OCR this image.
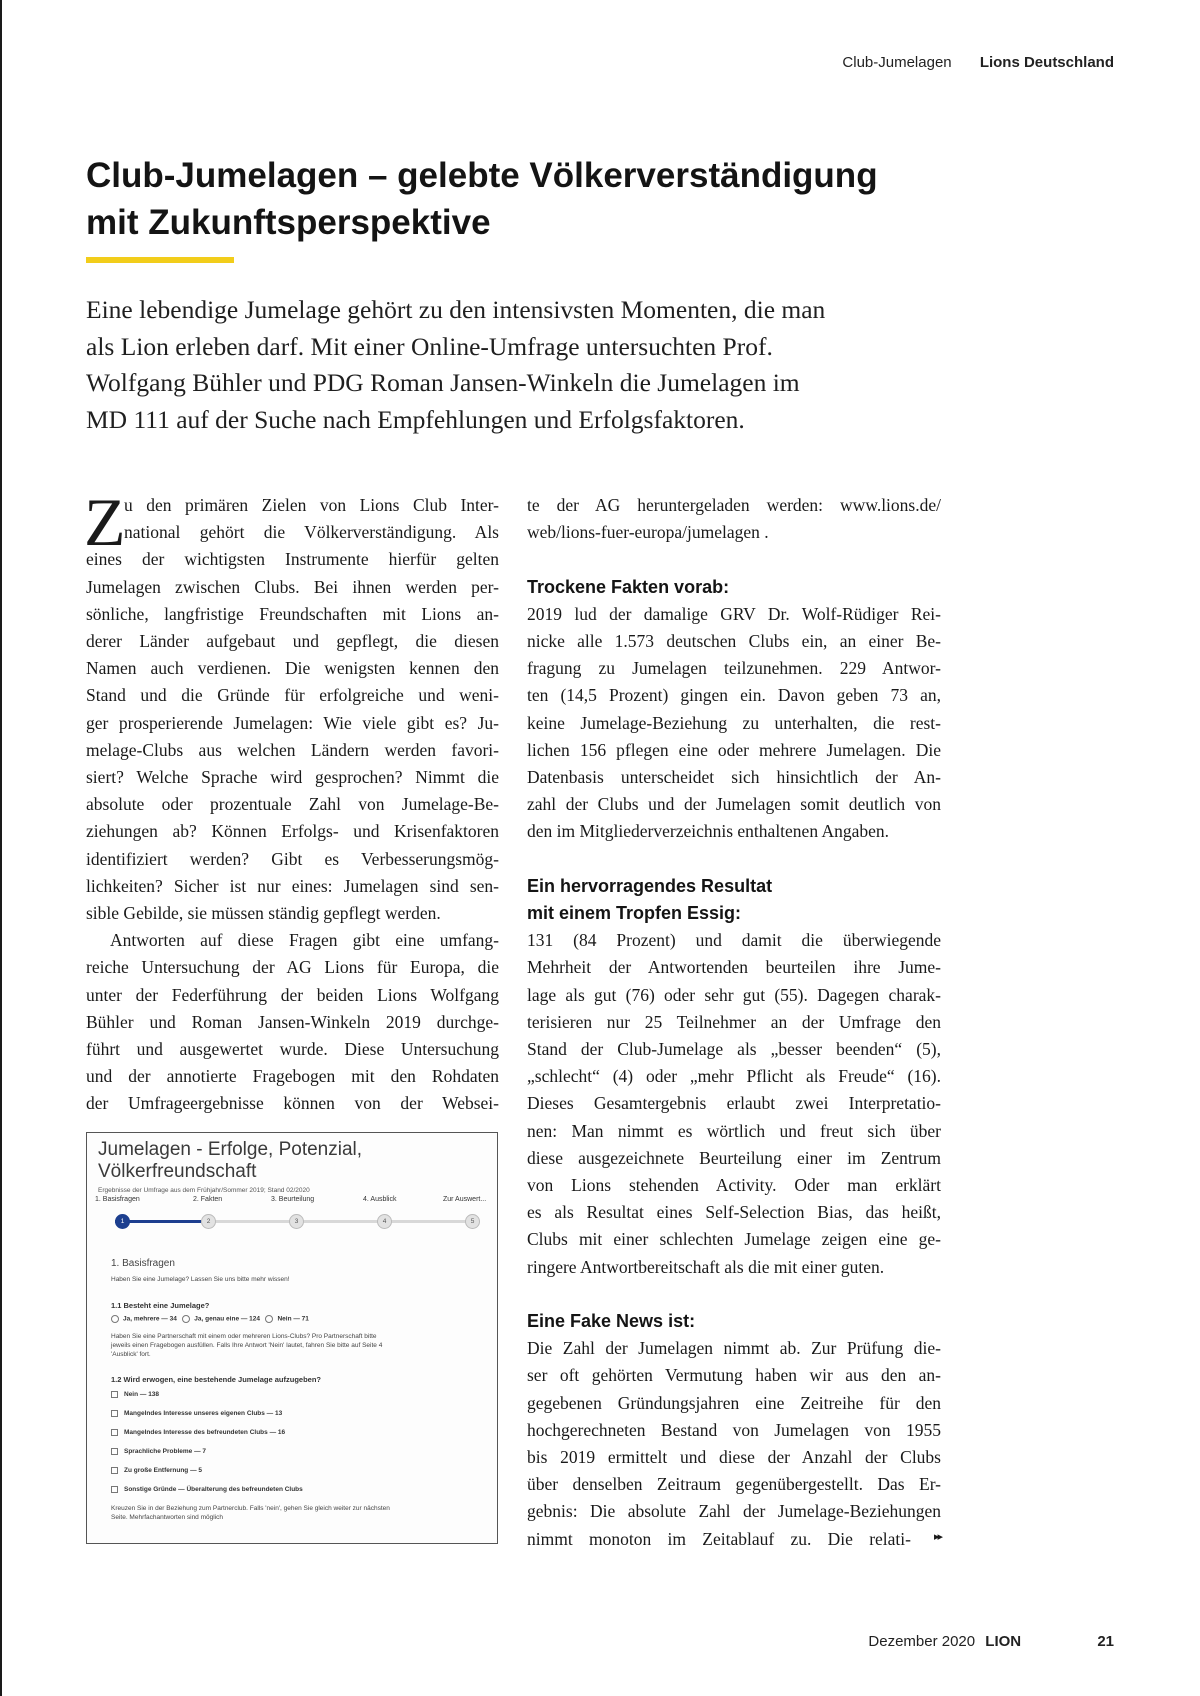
Club-Jumelagen Lions Deutschland
Club-Jumelagen – gelebte Völkerverständigung
mit Zukunftsperspektive
Eine lebendige Jumelage gehört zu den intensivsten Momenten, die man
als Lion erleben darf. Mit einer Online-Umfrage untersuchten Prof.
Wolfgang Bühler und PDG Roman Jansen-Winkeln die Jumelagen im
MD 111 auf der Suche nach Empfehlungen und Erfolgsfaktoren.
Z
u den primären Zielen von Lions Club Inter-
national gehört die Völkerverständigung. Als
eines der wichtigsten Instrumente hierfür gelten
Jumelagen zwischen Clubs. Bei ihnen werden per-
sönliche, langfristige Freundschaften mit Lions an-
derer Länder aufgebaut und gepflegt, die diesen
Namen auch verdienen. Die wenigsten kennen den
Stand und die Gründe für erfolgreiche und weni-
ger prosperierende Jumelagen: Wie viele gibt es? Ju-
melage-Clubs aus welchen Ländern werden favori-
siert? Welche Sprache wird gesprochen? Nimmt die
absolute oder prozentuale Zahl von Jumelage-Be-
ziehungen ab? Können Erfolgs- und Krisenfaktoren
identifiziert werden? Gibt es Verbesserungsmög-
lichkeiten? Sicher ist nur eines: Jumelagen sind sen-
sible Gebilde, sie müssen ständig gepflegt werden.
Antworten auf diese Fragen gibt eine umfang-
reiche Untersuchung der AG Lions für Europa, die
unter der Federführung der beiden Lions Wolfgang
Bühler und Roman Jansen-Winkeln 2019 durchge-
führt und ausgewertet wurde. Diese Untersuchung
und der annotierte Fragebogen mit den Rohdaten
der Umfrageergebnisse können von der Websei-
Jumelagen - Erfolge, Potenzial,
Völkerfreundschaft
Ergebnisse der Umfrage aus dem Frühjahr/Sommer 2019; Stand 02/2020
1. Basisfragen	2. Fakten	3. Beurteilung	4. Ausblick	Zur Auswert...
1	2	3	4	5
1. Basisfragen
Haben Sie eine Jumelage? Lassen Sie uns bitte mehr wissen!
1.1 Besteht eine Jumelage?
Ja, mehrere — 34	Ja, genau eine — 124	Nein — 71
Haben Sie eine Partnerschaft mit einem oder mehreren Lions-Clubs? Pro Partnerschaft bitte
jeweils einen Fragebogen ausfüllen. Falls Ihre Antwort 'Nein' lautet, fahren Sie bitte auf Seite 4
'Ausblick' fort.
1.2 Wird erwogen, eine bestehende Jumelage aufzugeben?
Nein — 138
Mangelndes Interesse unseres eigenen Clubs — 13
Mangelndes Interesse des befreundeten Clubs — 16
Sprachliche Probleme — 7
Zu große Entfernung — 5
Sonstige Gründe — Überalterung des befreundeten Clubs
Kreuzen Sie in der Beziehung zum Partnerclub. Falls 'nein', gehen Sie gleich weiter zur nächsten
Seite. Mehrfachantworten sind möglich
te der AG heruntergeladen werden: www.lions.de/
web/lions-fuer-europa/jumelagen .
Trockene Fakten vorab:
2019 lud der damalige GRV Dr. Wolf-Rüdiger Rei-
nicke alle 1.573 deutschen Clubs ein, an einer Be-
fragung zu Jumelagen teilzunehmen. 229 Antwor-
ten (14,5 Prozent) gingen ein. Davon geben 73 an,
keine Jumelage-Beziehung zu unterhalten, die rest-
lichen 156 pflegen eine oder mehrere Jumelagen. Die
Datenbasis unterscheidet sich hinsichtlich der An-
zahl der Clubs und der Jumelagen somit deutlich von
den im Mitgliederverzeichnis enthaltenen Angaben.
Ein hervorragendes Resultat
mit einem Tropfen Essig:
131 (84 Prozent) und damit die überwiegende
Mehrheit der Antwortenden beurteilen ihre Jume-
lage als gut (76) oder sehr gut (55). Dagegen charak-
terisieren nur 25 Teilnehmer an der Umfrage den
Stand der Club-Jumelage als „besser beenden“ (5),
„schlecht“ (4) oder „mehr Pflicht als Freude“ (16).
Dieses Gesamtergebnis erlaubt zwei Interpretatio-
nen: Man nimmt es wörtlich und freut sich über
diese ausgezeichnete Beurteilung einer im Zentrum
von Lions stehenden Activity. Oder man erklärt
es als Resultat eines Self-Selection Bias, das heißt,
Clubs mit einer schlechten Jumelage zeigen eine ge-
ringere Antwortbereitschaft als die mit einer guten.
Eine Fake News ist:
Die Zahl der Jumelagen nimmt ab. Zur Prüfung die-
ser oft gehörten Vermutung haben wir aus den an-
gegebenen Gründungsjahren eine Zeitreihe für den
hochgerechneten Bestand von Jumelagen von 1955
bis 2019 ermittelt und diese der Anzahl der Clubs
über denselben Zeitraum gegenübergestellt. Das Er-
gebnis: Die absolute Zahl der Jumelage-Beziehungen
nimmt monoton im Zeitablauf zu. Die relati- ▸▸
Dezember 2020 LION	21
